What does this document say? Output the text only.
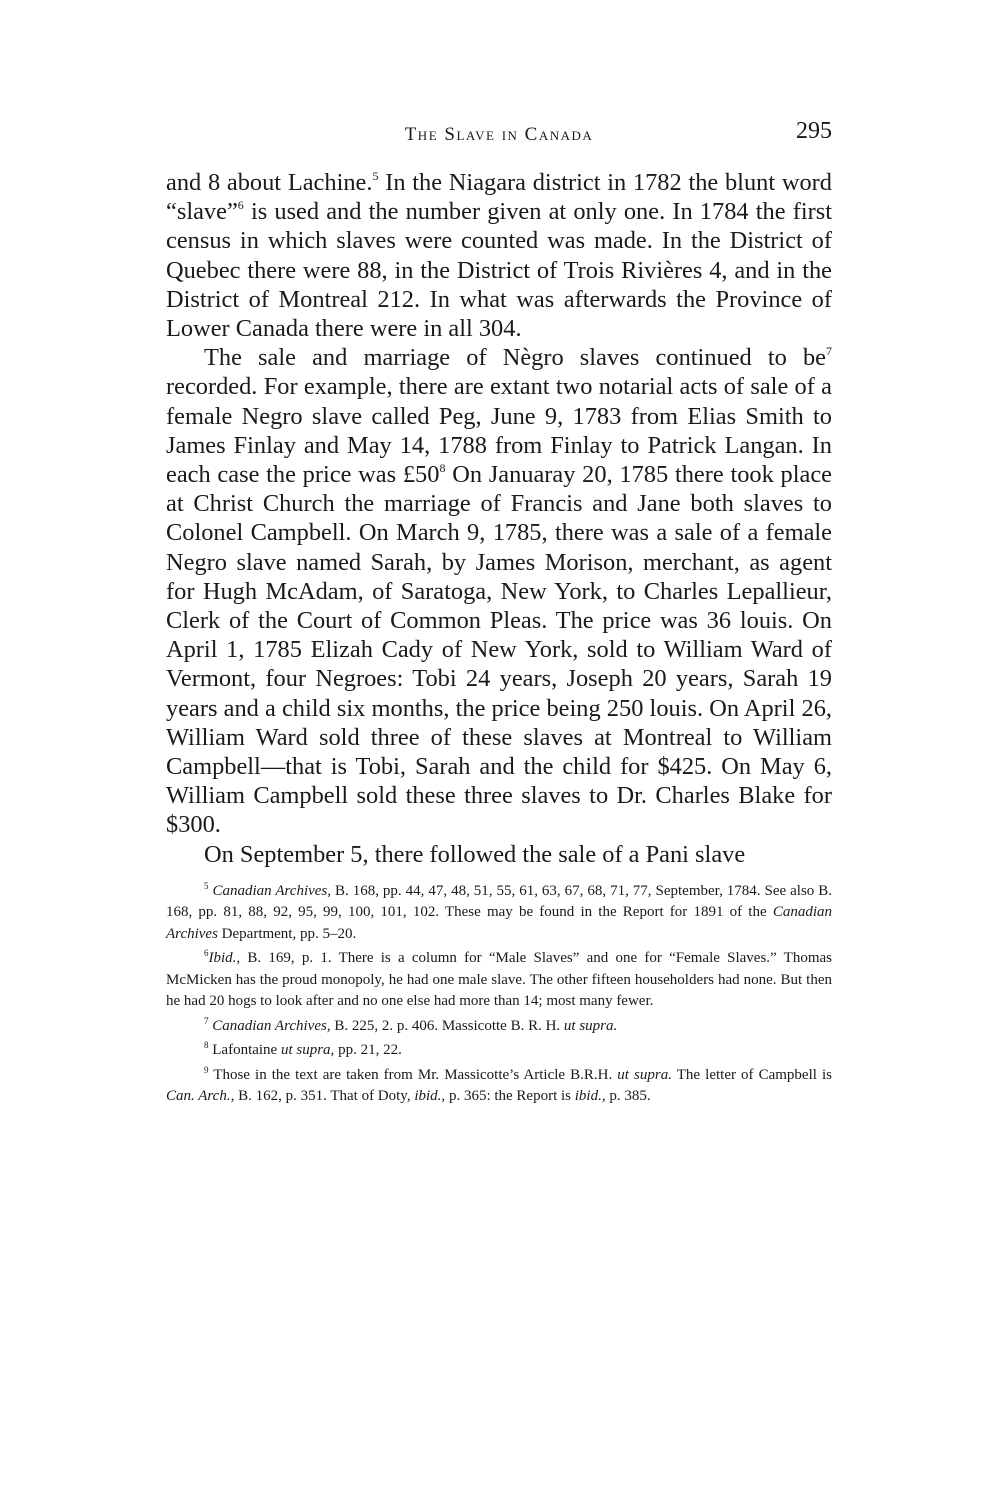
The Slave in Canada	295

and 8 about Lachine.$^5$ In the Niagara district in 1782 the blunt word “slave”$^6$ is used and the number given at only one. In 1784 the first census in which slaves were counted was made. In the District of Quebec there were 88, in the District of Trois Rivières 4, and in the District of Montreal 212. In what was afterwards the Province of Lower Canada there were in all 304.

The sale and marriage of Nègro slaves continued to $be^7$ recorded. For example, there are extant two notarial acts of sale of a female Negro slave called Peg, June 9, 1783 from Elias Smith to James Finlay and May 14, 1788 from Finlay to Patrick Langan. In each case the price was $£50^8$ On Januaray 20, 1785 there took place at Christ Church the marriage of Francis and Jane both slaves to Colonel Campbell. On March 9, 1785, there was a sale of a female Negro slave named Sarah, by James Morison, merchant, as agent for Hugh McAdam, of Saratoga, New York, to Charles Lepallieur, Clerk of the Court of Common Pleas. The price was 36 louis. On April 1, 1785 Elizah Cady of New York, sold to William Ward of Vermont, four Negroes: Tobi 24 years, Joseph 20 years, Sarah 19 years and a child six months, the price being 250 louis. On April 26, William Ward sold three of these slaves at Montreal to William Campbell—that is Tobi, Sarah and the child for $425. On May 6, William Campbell sold these three slaves to Dr. Charles Blake for $300.

On September 5, there followed the sale of a Pani slave

$^5$ Canadian Archives, B. 168, pp. 44, 47, 48, 51, 55, 61, 63, 67, 68, 71, 77, September, 1784. See also B. 168, pp. 81, 88, 92, 95, 99, 100, 101, 102. These may be found in the Report for 1891 of the Canadian Archives Department, pp. 5–20.

$^6$Ibid., B. 169, p. 1. There is a column for “Male Slaves” and one for “Female Slaves.” Thomas McMicken has the proud monopoly, he had one male slave. The other fifteen householders had none. But then he had 20 hogs to look after and no one else had more than 14; most many fewer.

$^7$ Canadian Archives, B. 225, 2. p. 406. Massicotte B. R. H. ut supra.

$^8$ Lafontaine ut supra, pp. 21, 22.

$^9$ Those in the text are taken from Mr. Massicotte’s Article B.R.H. ut supra. The letter of Campbell is Can. Arch., B. 162, p. 351. That of Doty, ibid., p. 365: the Report is ibid., p. 385.
